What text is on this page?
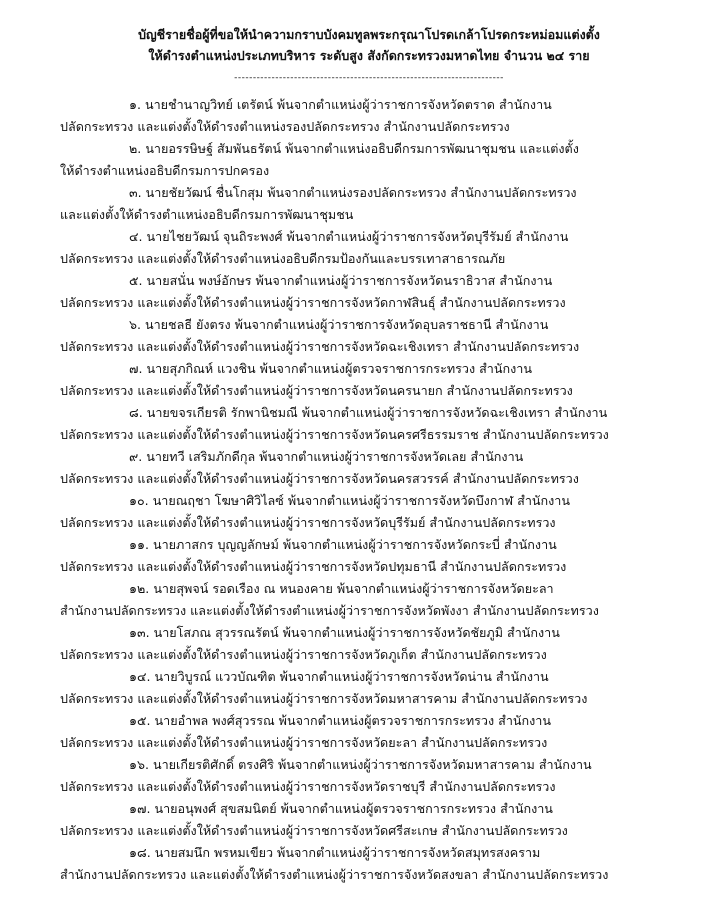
บัญชีรายชื่อผู้ที่ขอให้นำความกราบบังคมทูลพระกรุณาโปรดเกล้าโปรดกระหม่อมแต่งตั้ง
ให้ดำรงตำแหน่งประเภทบริหาร ระดับสูง สังกัดกระทรวงมหาดไทย จำนวน ๒๔ ราย
------------------------------------------------------------------------
๑. นายชำนาญวิทย์ เตรัตน์ พ้นจากตำแหน่งผู้ว่าราชการจังหวัดตราด สำนักงาน
ปลัดกระทรวง และแต่งตั้งให้ดำรงตำแหน่งรองปลัดกระทรวง สำนักงานปลัดกระทรวง
๒. นายอรรษิษฐ์ สัมพันธรัตน์ พ้นจากตำแหน่งอธิบดีกรมการพัฒนาชุมชน และแต่งตั้ง
ให้ดำรงตำแหน่งอธิบดีกรมการปกครอง
๓. นายชัยวัฒน์ ชื่นโกสุม พ้นจากตำแหน่งรองปลัดกระทรวง สำนักงานปลัดกระทรวง
และแต่งตั้งให้ดำรงตำแหน่งอธิบดีกรมการพัฒนาชุมชน
๔. นายไชยวัฒน์ จุนถิระพงศ์ พ้นจากตำแหน่งผู้ว่าราชการจังหวัดบุรีรัมย์ สำนักงาน
ปลัดกระทรวง และแต่งตั้งให้ดำรงตำแหน่งอธิบดีกรมป้องกันและบรรเทาสาธารณภัย
๕. นายสนั่น พงษ์อักษร พ้นจากตำแหน่งผู้ว่าราชการจังหวัดนราธิวาส สำนักงาน
ปลัดกระทรวง และแต่งตั้งให้ดำรงตำแหน่งผู้ว่าราชการจังหวัดกาฬสินธุ์ สำนักงานปลัดกระทรวง
๖. นายชลธี ยังตรง พ้นจากตำแหน่งผู้ว่าราชการจังหวัดอุบลราชธานี สำนักงาน
ปลัดกระทรวง และแต่งตั้งให้ดำรงตำแหน่งผู้ว่าราชการจังหวัดฉะเชิงเทรา สำนักงานปลัดกระทรวง
๗. นายสุภกิณห์ แวงชิน พ้นจากตำแหน่งผู้ตรวจราชการกระทรวง สำนักงาน
ปลัดกระทรวง และแต่งตั้งให้ดำรงตำแหน่งผู้ว่าราชการจังหวัดนครนายก สำนักงานปลัดกระทรวง
๘. นายขจรเกียรติ รักพานิชมณี พ้นจากตำแหน่งผู้ว่าราชการจังหวัดฉะเชิงเทรา สำนักงาน
ปลัดกระทรวง และแต่งตั้งให้ดำรงตำแหน่งผู้ว่าราชการจังหวัดนครศรีธรรมราช สำนักงานปลัดกระทรวง
๙. นายทวี เสริมภักดีกุล พ้นจากตำแหน่งผู้ว่าราชการจังหวัดเลย สำนักงาน
ปลัดกระทรวง และแต่งตั้งให้ดำรงตำแหน่งผู้ว่าราชการจังหวัดนครสวรรค์ สำนักงานปลัดกระทรวง
๑๐. นายณฤชา โฆษาศิวิไลซ์ พ้นจากตำแหน่งผู้ว่าราชการจังหวัดบึงกาฬ สำนักงาน
ปลัดกระทรวง และแต่งตั้งให้ดำรงตำแหน่งผู้ว่าราชการจังหวัดบุรีรัมย์ สำนักงานปลัดกระทรวง
๑๑. นายภาสกร บุญญลักษม์ พ้นจากตำแหน่งผู้ว่าราชการจังหวัดกระบี่ สำนักงาน
ปลัดกระทรวง และแต่งตั้งให้ดำรงตำแหน่งผู้ว่าราชการจังหวัดปทุมธานี สำนักงานปลัดกระทรวง
๑๒. นายสุพจน์ รอดเรือง ณ หนองคาย พ้นจากตำแหน่งผู้ว่าราชการจังหวัดยะลา
สำนักงานปลัดกระทรวง และแต่งตั้งให้ดำรงตำแหน่งผู้ว่าราชการจังหวัดพังงา สำนักงานปลัดกระทรวง
๑๓. นายโสภณ สุวรรณรัตน์ พ้นจากตำแหน่งผู้ว่าราชการจังหวัดชัยภูมิ สำนักงาน
ปลัดกระทรวง และแต่งตั้งให้ดำรงตำแหน่งผู้ว่าราชการจังหวัดภูเก็ต สำนักงานปลัดกระทรวง
๑๔. นายวิบูรณ์ แววบัณฑิต พ้นจากตำแหน่งผู้ว่าราชการจังหวัดน่าน สำนักงาน
ปลัดกระทรวง และแต่งตั้งให้ดำรงตำแหน่งผู้ว่าราชการจังหวัดมหาสารคาม สำนักงานปลัดกระทรวง
๑๕. นายอำพล พงศ์สุวรรณ พ้นจากตำแหน่งผู้ตรวจราชการกระทรวง สำนักงาน
ปลัดกระทรวง และแต่งตั้งให้ดำรงตำแหน่งผู้ว่าราชการจังหวัดยะลา สำนักงานปลัดกระทรวง
๑๖. นายเกียรติศักดิ์ ตรงศิริ พ้นจากตำแหน่งผู้ว่าราชการจังหวัดมหาสารคาม สำนักงาน
ปลัดกระทรวง และแต่งตั้งให้ดำรงตำแหน่งผู้ว่าราชการจังหวัดราชบุรี สำนักงานปลัดกระทรวง
๑๗. นายอนุพงศ์ สุขสมนิตย์ พ้นจากตำแหน่งผู้ตรวจราชการกระทรวง สำนักงาน
ปลัดกระทรวง และแต่งตั้งให้ดำรงตำแหน่งผู้ว่าราชการจังหวัดศรีสะเกษ สำนักงานปลัดกระทรวง
๑๘. นายสมนึก พรหมเขียว พ้นจากตำแหน่งผู้ว่าราชการจังหวัดสมุทรสงคราม
สำนักงานปลัดกระทรวง และแต่งตั้งให้ดำรงตำแหน่งผู้ว่าราชการจังหวัดสงขลา สำนักงานปลัดกระทรวง
